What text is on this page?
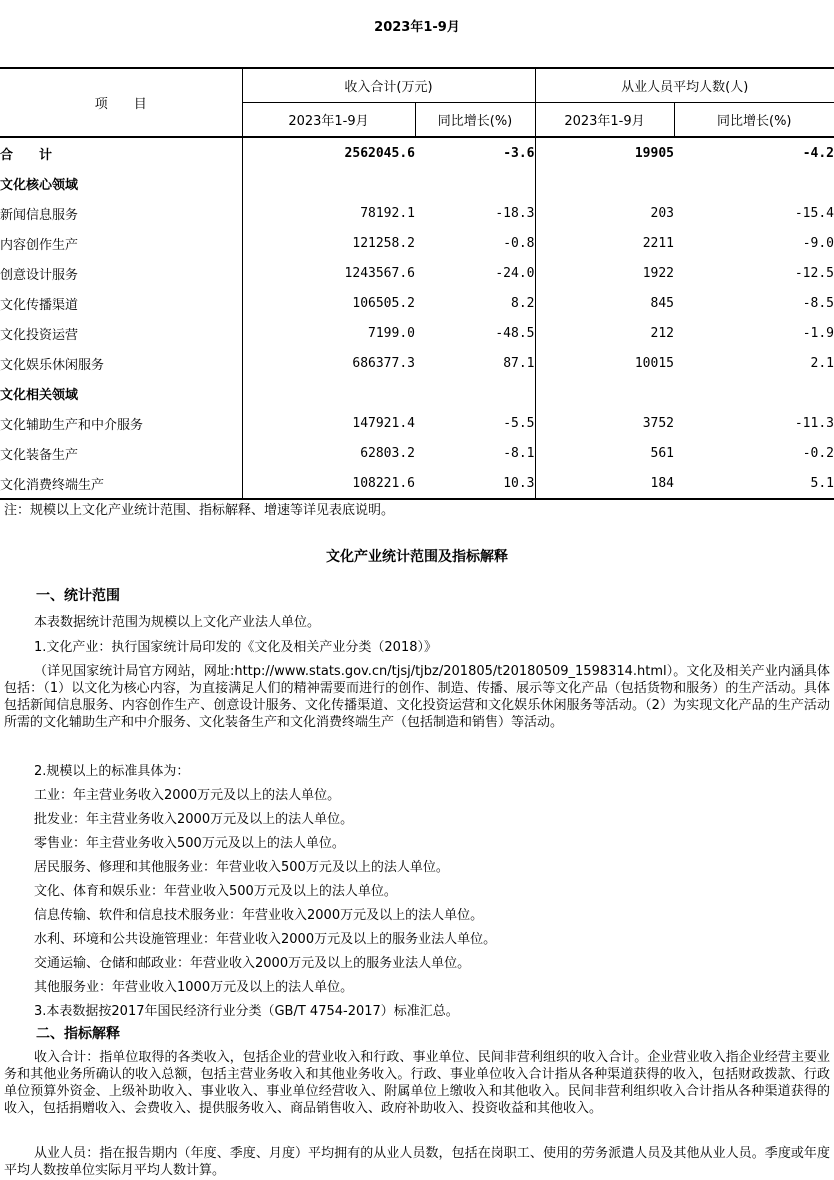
2023年1-9月
项　　目	收入合计(万元)		从业人员平均人数(人)	
	2023年1-9月	同比增长(%)	2023年1-9月	同比增长(%)
合　　计	2562045.6	-3.6	19905	-4.2
文化核心领域				
新闻信息服务	78192.1	-18.3	203	-15.4
内容创作生产	121258.2	-0.8	2211	-9.0
创意设计服务	1243567.6	-24.0	1922	-12.5
文化传播渠道	106505.2	8.2	845	-8.5
文化投资运营	7199.0	-48.5	212	-1.9
文化娱乐休闲服务	686377.3	87.1	10015	2.1
文化相关领域				
文化辅助生产和中介服务	147921.4	-5.5	3752	-11.3
文化装备生产	62803.2	-8.1	561	-0.2
文化消费终端生产	108221.6	10.3	184	5.1
注：规模以上文化产业统计范围、指标解释、增速等详见表底说明。
文化产业统计范围及指标解释
一、统计范围
本表数据统计范围为规模以上文化产业法人单位。
1.文化产业：执行国家统计局印发的《文化及相关产业分类（2018）》
（详见国家统计局官方网站，网址:http://www.stats.gov.cn/tjsj/tjbz/201805/t20180509_1598314.html）。文化及相关产业内涵具体包括：（1）以文化为核心内容，为直接满足人们的精神需要而进行的创作、制造、传播、展示等文化产品（包括货物和服务）的生产活动。具体包括新闻信息服务、内容创作生产、创意设计服务、文化传播渠道、文化投资运营和文化娱乐休闲服务等活动。（2）为实现文化产品的生产活动所需的文化辅助生产和中介服务、文化装备生产和文化消费终端生产（包括制造和销售）等活动。
2.规模以上的标准具体为：
工业：年主营业务收入2000万元及以上的法人单位。
批发业：年主营业务收入2000万元及以上的法人单位。
零售业：年主营业务收入500万元及以上的法人单位。
居民服务、修理和其他服务业：年营业收入500万元及以上的法人单位。
文化、体育和娱乐业：年营业收入500万元及以上的法人单位。
信息传输、软件和信息技术服务业：年营业收入2000万元及以上的法人单位。
水利、环境和公共设施管理业：年营业收入2000万元及以上的服务业法人单位。
交通运输、仓储和邮政业：年营业收入2000万元及以上的服务业法人单位。
其他服务业：年营业收入1000万元及以上的法人单位。
3.本表数据按2017年国民经济行业分类（GB/T 4754-2017）标准汇总。
二、指标解释
收入合计：指单位取得的各类收入，包括企业的营业收入和行政、事业单位、民间非营利组织的收入合计。企业营业收入指企业经营主要业务和其他业务所确认的收入总额，包括主营业务收入和其他业务收入。行政、事业单位收入合计指从各种渠道获得的收入，包括财政拨款、行政单位预算外资金、上级补助收入、事业收入、事业单位经营收入、附属单位上缴收入和其他收入。民间非营利组织收入合计指从各种渠道获得的收入，包括捐赠收入、会费收入、提供服务收入、商品销售收入、政府补助收入、投资收益和其他收入。
从业人员：指在报告期内（年度、季度、月度）平均拥有的从业人员数，包括在岗职工、使用的劳务派遣人员及其他从业人员。季度或年度平均人数按单位实际月平均人数计算。
